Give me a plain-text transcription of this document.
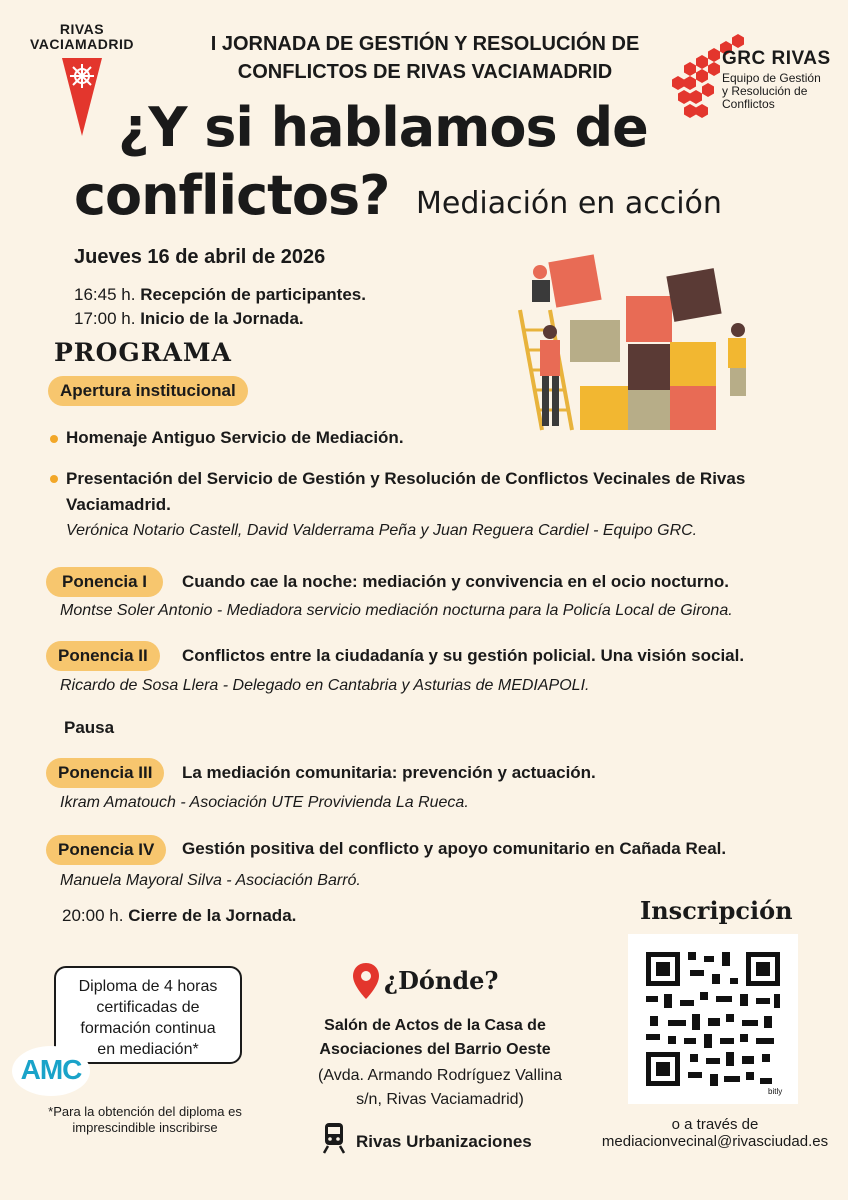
RIVAS
VACIAMADRID	I JORNADA DE GESTIÓN Y RESOLUCIÓN DE
CONFLICTOS DE RIVAS VACIAMADRID
GRC RIVAS
Equipo de Gestión
y Resolución de
Conflictos
¿Y si hablamos de
conflictos? Mediación en acción
Jueves 16 de abril de 2026
16:45 h. Recepción de participantes.
17:00 h. Inicio de la Jornada.
PROGRAMA
Apertura institucional
Homenaje Antiguo Servicio de Mediación.
Presentación del Servicio de Gestión y Resolución de Conflictos Vecinales de Rivas
Vaciamadrid.
Verónica Notario Castell, David Valderrama Peña y Juan Reguera Cardiel - Equipo GRC.
Ponencia I	Cuando cae la noche: mediación y convivencia en el ocio nocturno.
Montse Soler Antonio - Mediadora servicio mediación nocturna para la Policía Local de Girona.
Ponencia II	Conflictos entre la ciudadanía y su gestión policial. Una visión social.
Ricardo de Sosa Llera - Delegado en Cantabria y Asturias de MEDIAPOLI.
Pausa
Ponencia III	La mediación comunitaria: prevención y actuación.
Ikram Amatouch - Asociación UTE Provivienda La Rueca.
Ponencia IV	Gestión positiva del conflicto y apoyo comunitario en Cañada Real.
Manuela Mayoral Silva - Asociación Barró.
20:00 h. Cierre de la Jornada.
Diploma de 4 horas
certificadas de
formación continua
en mediación*
AMC
*Para la obtención del diploma es
imprescindible inscribirse
¿Dónde?
Salón de Actos de la Casa de
Asociaciones del Barrio Oeste
(Avda. Armando Rodríguez Vallina
s/n, Rivas Vaciamadrid)
Rivas Urbanizaciones
Inscripción
bitly
o a través de
mediacionvecinal@rivasciudad.es
